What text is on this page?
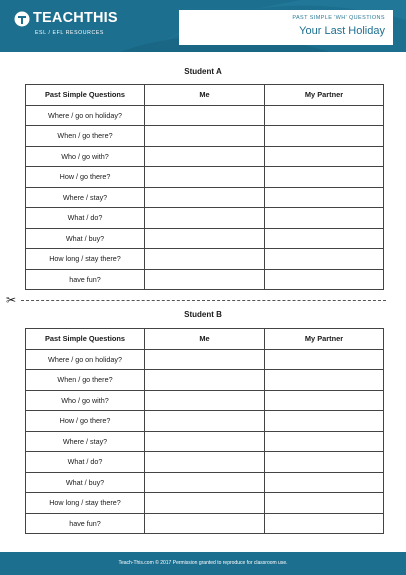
TEACHTHIS
ESL / EFL RESOURCES
PAST SIMPLE 'WH' QUESTIONS
Your Last Holiday
Student A
Past Simple Questions	Me	My Partner
Where / go on holiday?		
When / go there?		
Who / go with?		
How / go there?		
Where / stay?		
What / do?		
What / buy?		
How long / stay there?		
have fun?		
✂
Student B
Past Simple Questions	Me	My Partner
Where / go on holiday?		
When / go there?		
Who / go with?		
How / go there?		
Where / stay?		
What / do?		
What / buy?		
How long / stay there?		
have fun?		
Teach-This.com © 2017 Permission granted to reproduce for classroom use.
